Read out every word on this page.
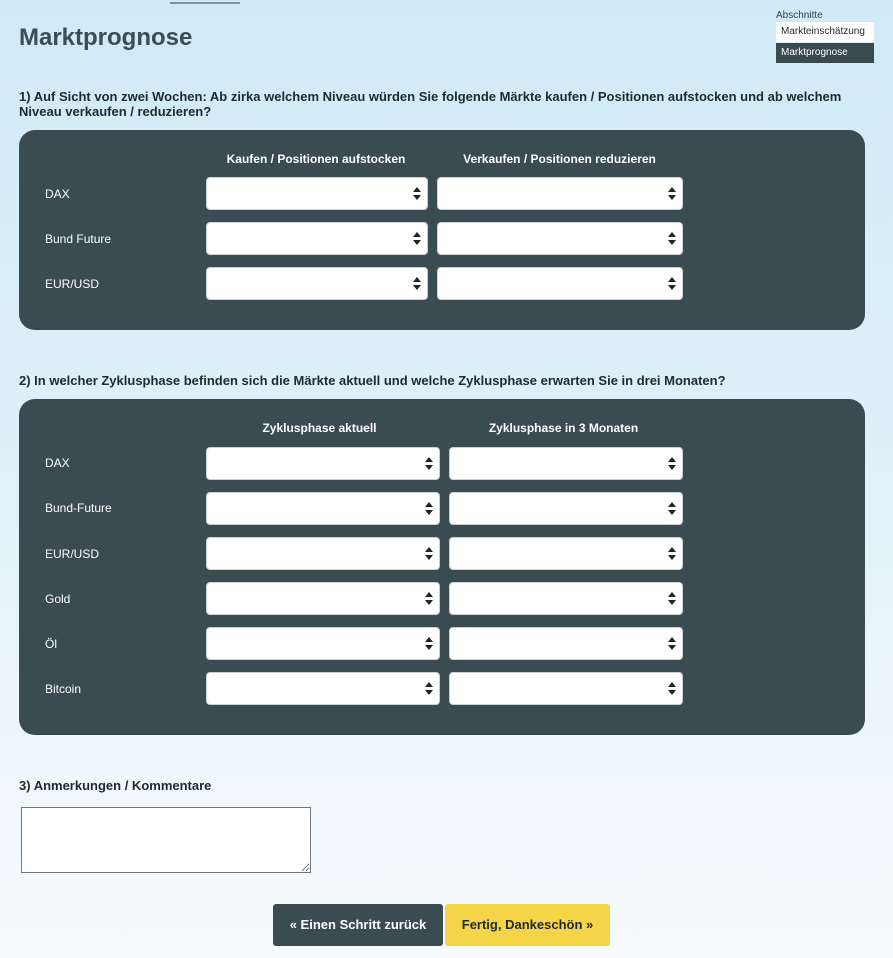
Marktprognose
Abschnitte
Markteinschätzung
Marktprognose

1) Auf Sicht von zwei Wochen: Ab zirka welchem Niveau würden Sie folgende Märkte kaufen / Positionen aufstocken und ab welchem Niveau verkaufen / reduzieren?

Kaufen / Positionen aufstocken	Verkaufen / Positionen reduzieren
DAX
Bund Future
EUR/USD

2) In welcher Zyklusphase befinden sich die Märkte aktuell und welche Zyklusphase erwarten Sie in drei Monaten?

Zyklusphase aktuell	Zyklusphase in 3 Monaten
DAX
Bund-Future
EUR/USD
Gold
Öl
Bitcoin

3) Anmerkungen / Kommentare

« Einen Schritt zurück	Fertig, Dankeschön »
